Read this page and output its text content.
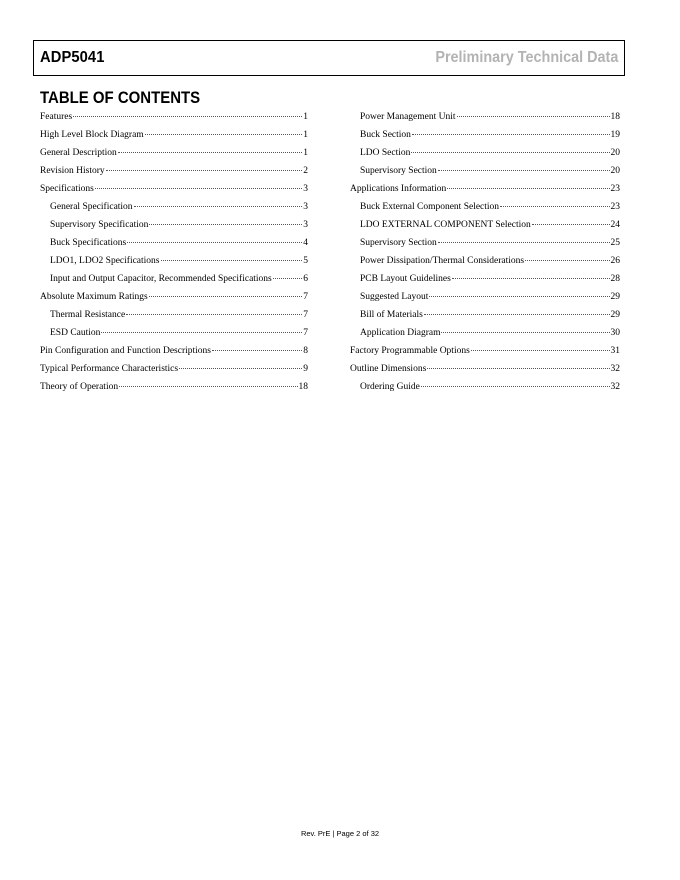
ADP5041	Preliminary Technical Data
TABLE OF CONTENTS
Features	1
High Level Block Diagram	1
General Description	1
Revision History	2
Specifications	3
General Specification	3
Supervisory Specification	3
Buck Specifications	4
LDO1, LDO2 Specifications	5
Input and Output Capacitor, Recommended Specifications	6
Absolute Maximum Ratings	7
Thermal Resistance	7
ESD Caution	7
Pin Configuration and Function Descriptions	8
Typical Performance Characteristics	9
Theory of Operation	18
Power Management Unit	18
Buck Section	19
LDO Section	20
Supervisory Section	20
Applications Information	23
Buck External Component Selection	23
LDO EXTERNAL COMPONENT Selection	24
Supervisory Section	25
Power Dissipation/Thermal Considerations	26
PCB Layout Guidelines	28
Suggested Layout	29
Bill of Materials	29
Application Diagram	30
Factory Programmable Options	31
Outline Dimensions	32
Ordering Guide	32
Rev. PrE | Page 2 of 32
